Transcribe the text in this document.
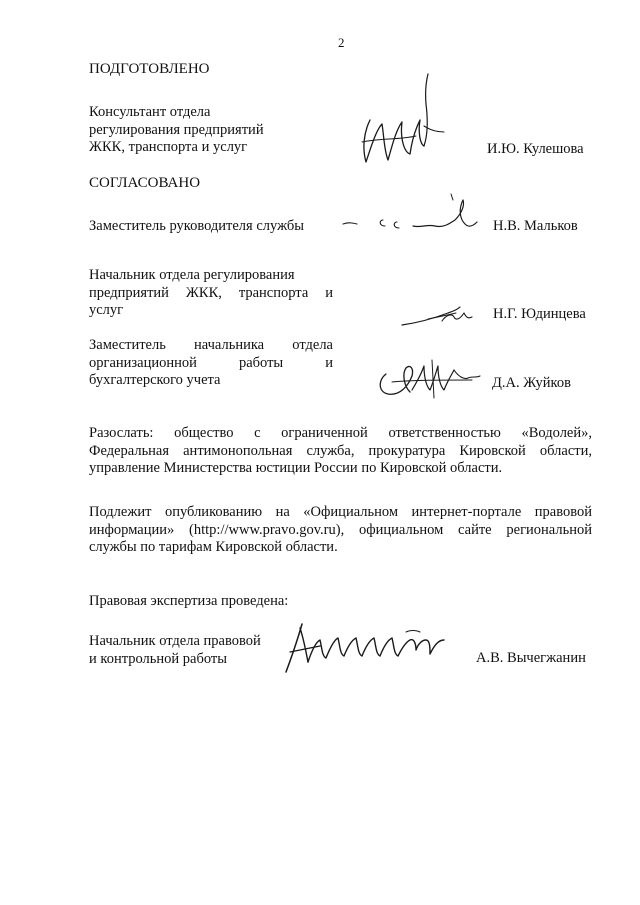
2
ПОДГОТОВЛЕНО
Консультант отдела
регулирования предприятий
ЖКК, транспорта и услуг	И.Ю. Кулешова
СОГЛАСОВАНО
Заместитель руководителя службы	Н.В. Мальков
Начальник отдела регулирования
предприятий ЖКК, транспорта и
услуг	Н.Г. Юдинцева
Заместитель начальника отдела
организационной работы и
бухгалтерского учета	Д.А. Жуйков
Разослать: общество с ограниченной ответственностью «Водолей»,
Федеральная антимонопольная служба, прокуратура Кировской области,
управление Министерства юстиции России по Кировской области.
Подлежит опубликованию на «Официальном интернет-портале правовой
информации» (http://www.pravo.gov.ru), официальном сайте региональной
службы по тарифам Кировской области.
Правовая экспертиза проведена:
Начальник отдела правовой
и контрольной работы	А.В. Вычегжанин
